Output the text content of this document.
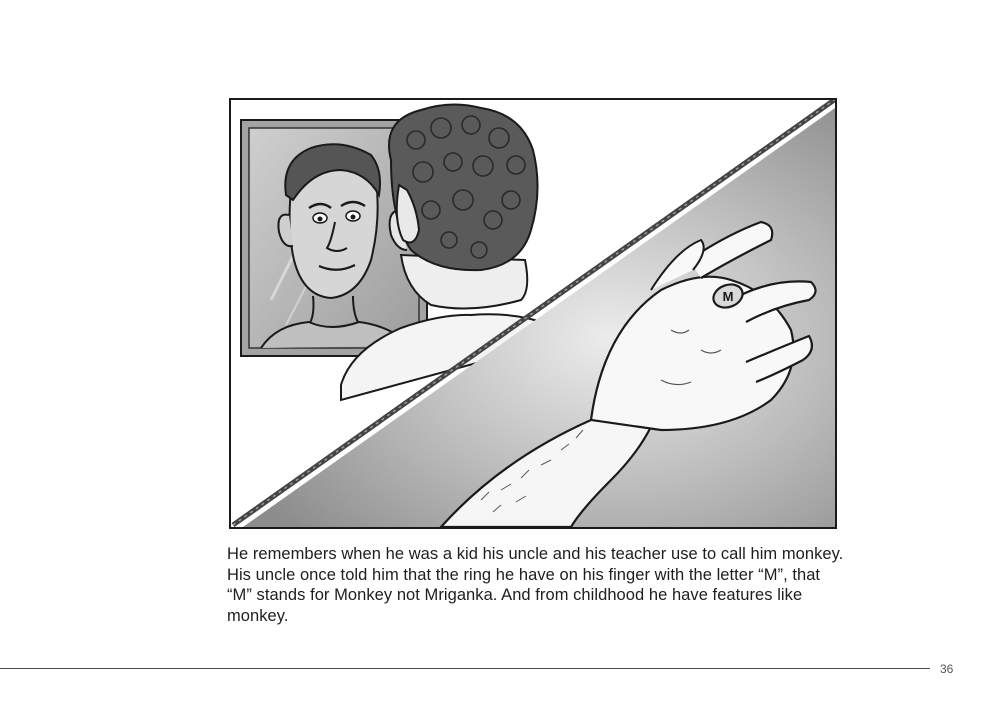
M

He remembers when he was a kid his uncle and his teacher use to call him monkey. His uncle once told him that the ring he have on his finger with the letter “M”, that “M” stands for Monkey not Mriganka. And from childhood he have features like monkey.

36
